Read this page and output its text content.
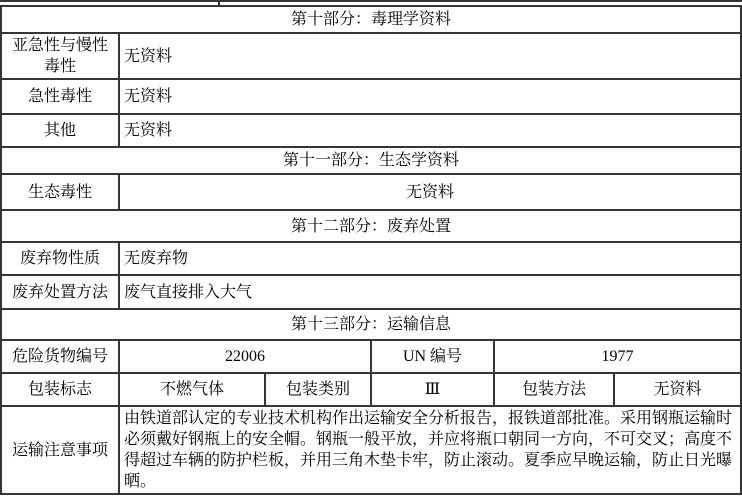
第十部分：毒理学资料					
亚急性与慢性毒性	无资料				
急性毒性	无资料				
其他	无资料				
第十一部分：生态学资料					
生态毒性	无资料				
第十二部分：废弃处置					
废弃物性质	无废弃物				
废弃处置方法	废气直接排入大气				
第十三部分：运输信息					
危险货物编号	22006		UN 编号	1977	
包装标志	不燃气体	包装类别	Ⅲ	包装方法	无资料
运输注意事项	由铁道部认定的专业技术机构作出运输安全分析报告，报铁道部批准。采用钢瓶运输时必须戴好钢瓶上的安全帽。钢瓶一般平放，并应将瓶口朝同一方向，不可交叉；高度不得超过车辆的防护栏板，并用三角木垫卡牢，防止滚动。夏季应早晚运输，防止日光曝晒。				
